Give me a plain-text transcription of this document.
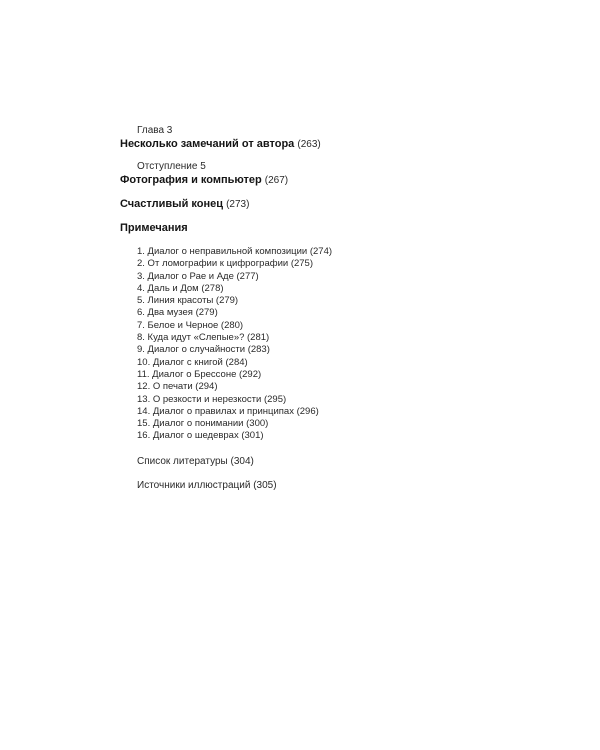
Глава 3
Несколько замечаний от автора (263)
Отступление 5
Фотография и компьютер (267)
Счастливый конец (273)
Примечания
1. Диалог о неправильной композиции (274)
2. От ломографии к цифрографии (275)
3. Диалог о Рае и Аде (277)
4. Даль и Дом (278)
5. Линия красоты (279)
6. Два музея (279)
7. Белое и Черное (280)
8. Куда идут «Слепые»? (281)
9. Диалог о случайности (283)
10. Диалог с книгой (284)
11. Диалог о Брессоне (292)
12. О печати (294)
13. О резкости и нерезкости (295)
14. Диалог о правилах и принципах (296)
15. Диалог о понимании (300)
16. Диалог о шедеврах (301)
Список литературы (304)
Источники иллюстраций (305)
